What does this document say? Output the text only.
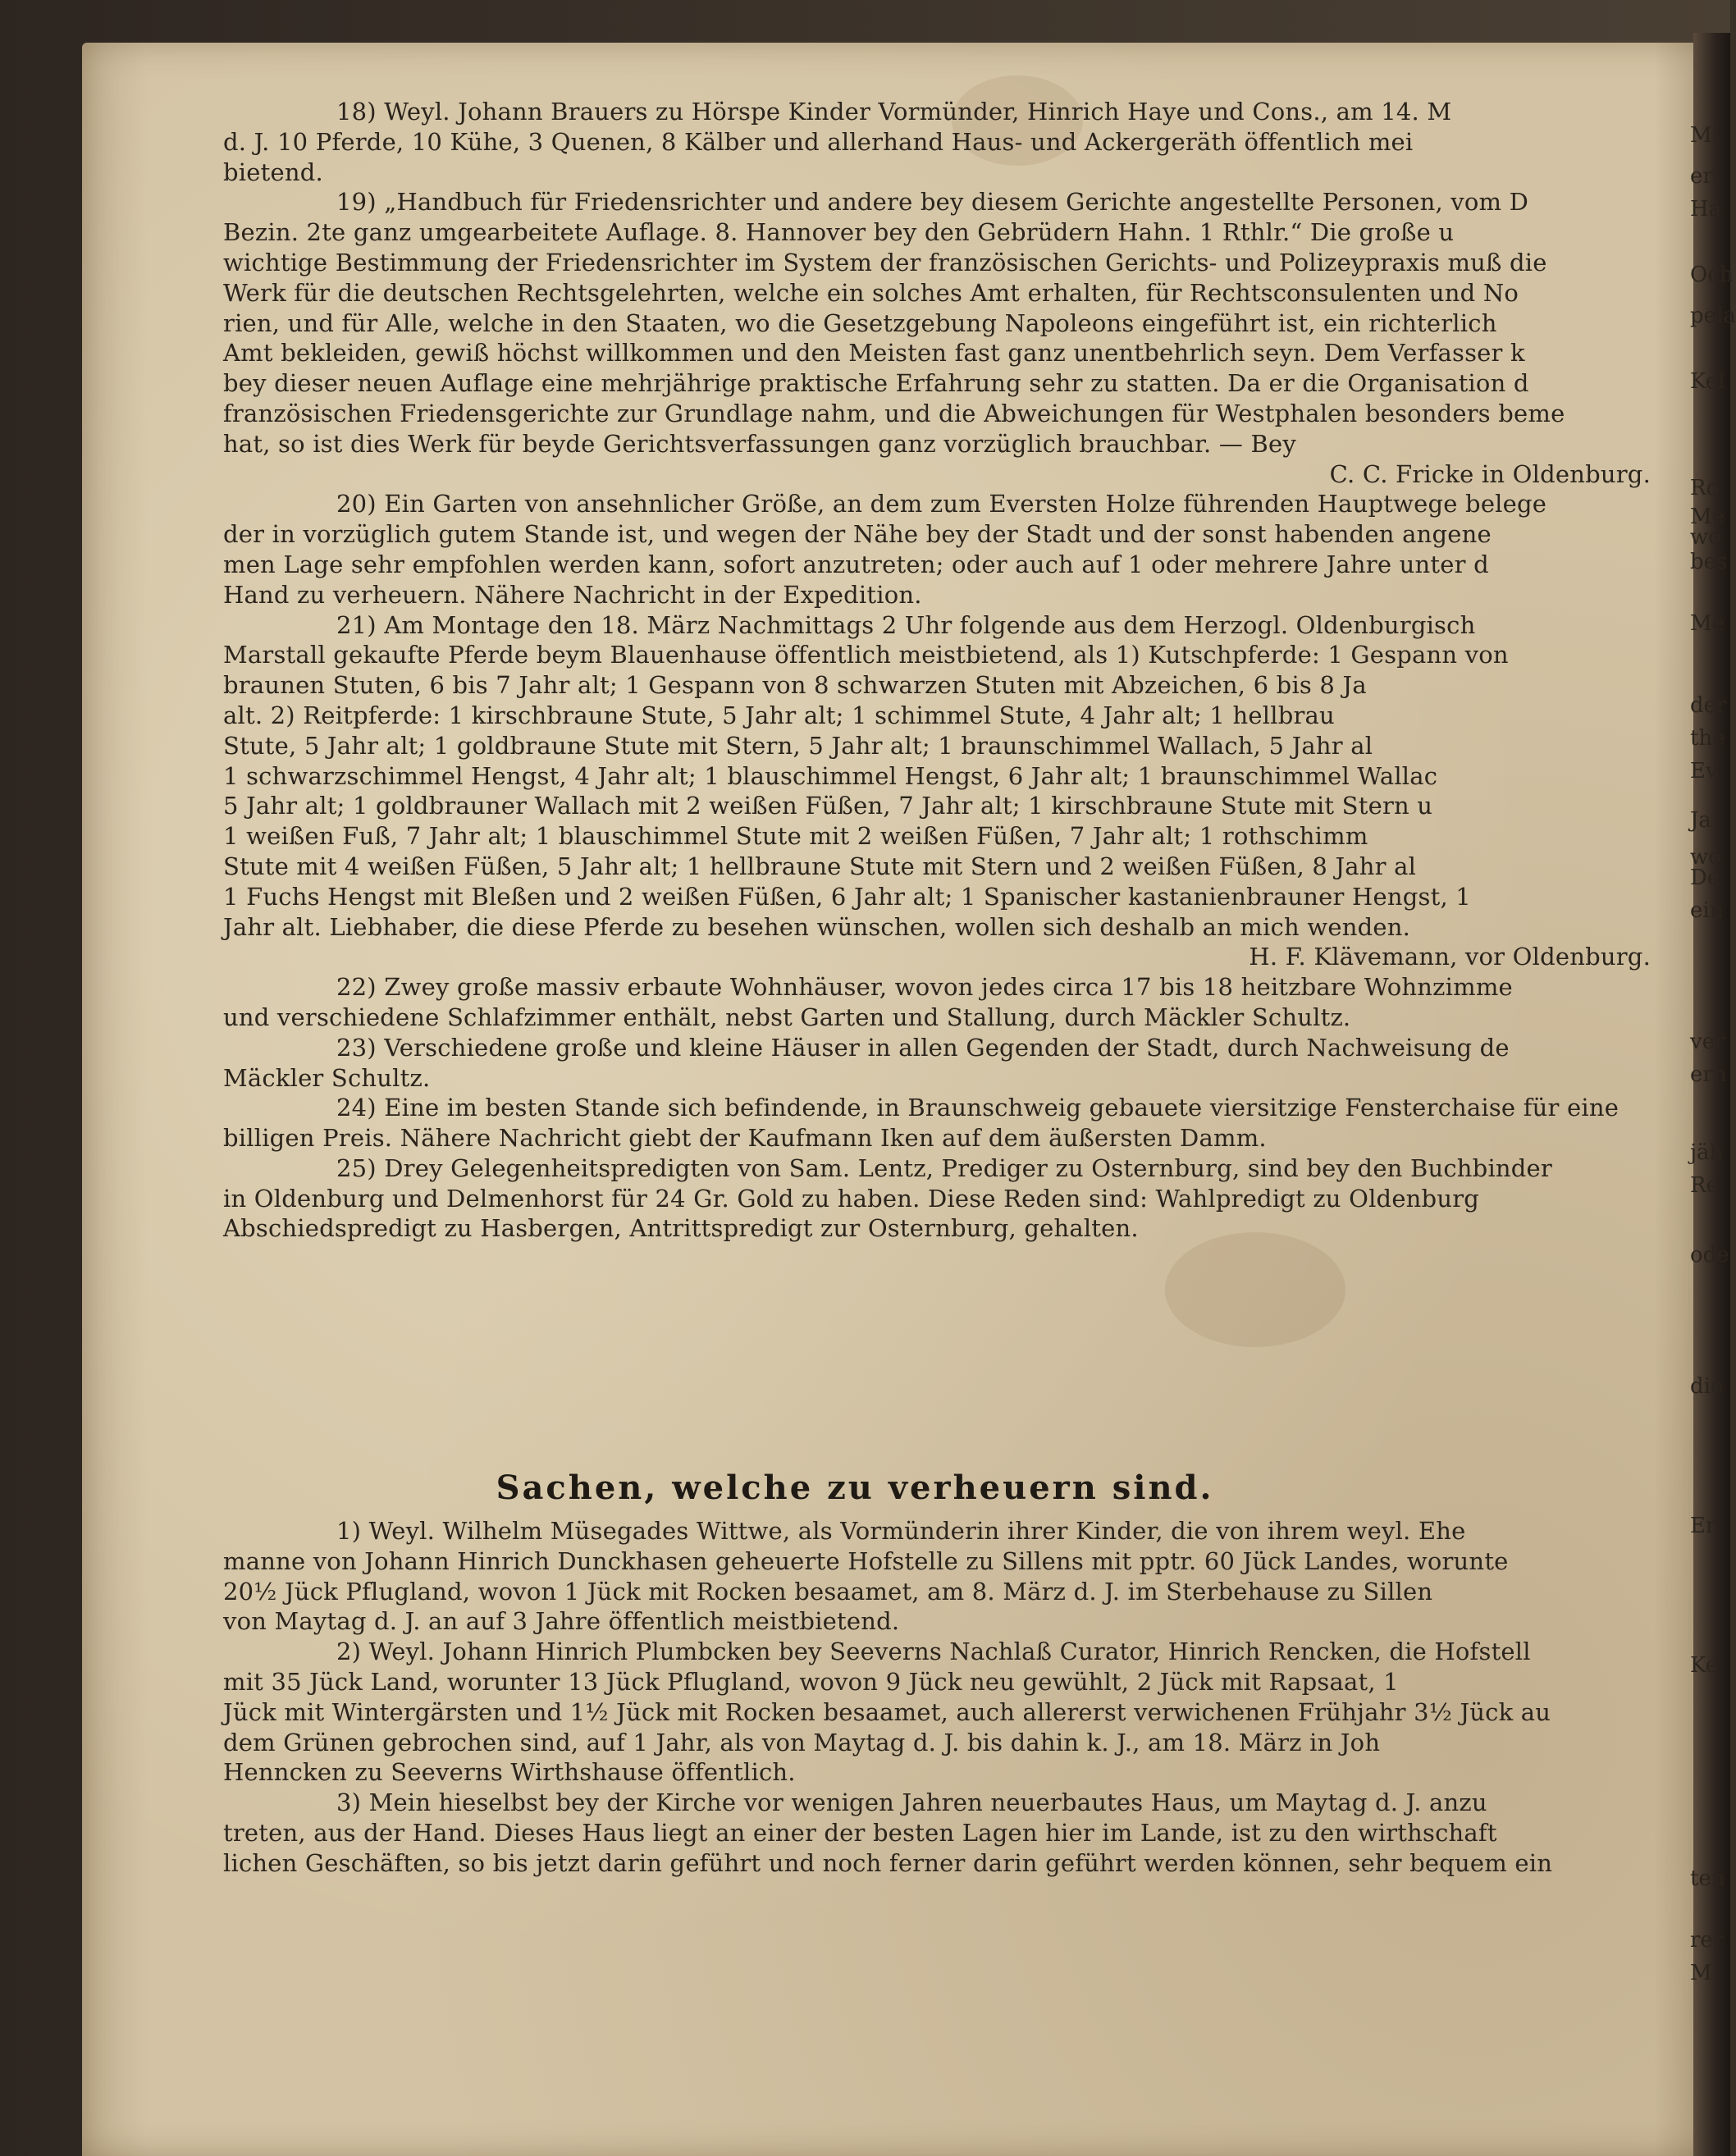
18) Weyl. Johann Brauers zu Hörspe Kinder Vormünder, Hinrich Haye und Cons., am 14. M
d. J. 10 Pferde, 10 Kühe, 3 Quenen, 8 Kälber und allerhand Haus- und Ackergeräth öffentlich mei
bietend.
19) „Handbuch für Friedensrichter und andere bey diesem Gerichte angestellte Personen, vom D
Bezin. 2te ganz umgearbeitete Auflage. 8. Hannover bey den Gebrüdern Hahn. 1 Rthlr.“ Die große u
wichtige Bestimmung der Friedensrichter im System der französischen Gerichts- und Polizeypraxis muß die
Werk für die deutschen Rechtsgelehrten, welche ein solches Amt erhalten, für Rechtsconsulenten und No
rien, und für Alle, welche in den Staaten, wo die Gesetzgebung Napoleons eingeführt ist, ein richterlich
Amt bekleiden, gewiß höchst willkommen und den Meisten fast ganz unentbehrlich seyn. Dem Verfasser k
bey dieser neuen Auflage eine mehrjährige praktische Erfahrung sehr zu statten. Da er die Organisation d
französischen Friedensgerichte zur Grundlage nahm, und die Abweichungen für Westphalen besonders beme
hat, so ist dies Werk für beyde Gerichtsverfassungen ganz vorzüglich brauchbar. — Bey
C. C. Fricke in Oldenburg.
20) Ein Garten von ansehnlicher Größe, an dem zum Eversten Holze führenden Hauptwege belege
der in vorzüglich gutem Stande ist, und wegen der Nähe bey der Stadt und der sonst habenden angene
men Lage sehr empfohlen werden kann, sofort anzutreten; oder auch auf 1 oder mehrere Jahre unter d
Hand zu verheuern. Nähere Nachricht in der Expedition.
21) Am Montage den 18. März Nachmittags 2 Uhr folgende aus dem Herzogl. Oldenburgisch
Marstall gekaufte Pferde beym Blauenhause öffentlich meistbietend, als 1) Kutschpferde: 1 Gespann von
braunen Stuten, 6 bis 7 Jahr alt; 1 Gespann von 8 schwarzen Stuten mit Abzeichen, 6 bis 8 Ja
alt. 2) Reitpferde: 1 kirschbraune Stute, 5 Jahr alt; 1 schimmel Stute, 4 Jahr alt; 1 hellbrau
Stute, 5 Jahr alt; 1 goldbraune Stute mit Stern, 5 Jahr alt; 1 braunschimmel Wallach, 5 Jahr al
1 schwarzschimmel Hengst, 4 Jahr alt; 1 blauschimmel Hengst, 6 Jahr alt; 1 braunschimmel Wallac
5 Jahr alt; 1 goldbrauner Wallach mit 2 weißen Füßen, 7 Jahr alt; 1 kirschbraune Stute mit Stern u
1 weißen Fuß, 7 Jahr alt; 1 blauschimmel Stute mit 2 weißen Füßen, 7 Jahr alt; 1 rothschimm
Stute mit 4 weißen Füßen, 5 Jahr alt; 1 hellbraune Stute mit Stern und 2 weißen Füßen, 8 Jahr al
1 Fuchs Hengst mit Bleßen und 2 weißen Füßen, 6 Jahr alt; 1 Spanischer kastanienbrauner Hengst, 1
Jahr alt. Liebhaber, die diese Pferde zu besehen wünschen, wollen sich deshalb an mich wenden.
H. F. Klävemann, vor Oldenburg.
22) Zwey große massiv erbaute Wohnhäuser, wovon jedes circa 17 bis 18 heitzbare Wohnzimme
und verschiedene Schlafzimmer enthält, nebst Garten und Stallung, durch Mäckler Schultz.
23) Verschiedene große und kleine Häuser in allen Gegenden der Stadt, durch Nachweisung de
Mäckler Schultz.
24) Eine im besten Stande sich befindende, in Braunschweig gebauete viersitzige Fensterchaise für eine
billigen Preis. Nähere Nachricht giebt der Kaufmann Iken auf dem äußersten Damm.
25) Drey Gelegenheitspredigten von Sam. Lentz, Prediger zu Osternburg, sind bey den Buchbinder
in Oldenburg und Delmenhorst für 24 Gr. Gold zu haben. Diese Reden sind: Wahlpredigt zu Oldenburg
Abschiedspredigt zu Hasbergen, Antrittspredigt zur Osternburg, gehalten.
Sachen, welche zu verheuern sind.
1) Weyl. Wilhelm Müsegades Wittwe, als Vormünderin ihrer Kinder, die von ihrem weyl. Ehe
manne von Johann Hinrich Dunckhasen geheuerte Hofstelle zu Sillens mit pptr. 60 Jück Landes, worunte
20½ Jück Pflugland, wovon 1 Jück mit Rocken besaamet, am 8. März d. J. im Sterbehause zu Sillen
von Maytag d. J. an auf 3 Jahre öffentlich meistbietend.
2) Weyl. Johann Hinrich Plumbcken bey Seeverns Nachlaß Curator, Hinrich Rencken, die Hofstell
mit 35 Jück Land, worunter 13 Jück Pflugland, wovon 9 Jück neu gewühlt, 2 Jück mit Rapsaat, 1
Jück mit Wintergärsten und 1½ Jück mit Rocken besaamet, auch allererst verwichenen Frühjahr 3½ Jück au
dem Grünen gebrochen sind, auf 1 Jahr, als von Maytag d. J. bis dahin k. J., am 18. März in Joh
Henncken zu Seeverns Wirthshause öffentlich.
3) Mein hieselbst bey der Kirche vor wenigen Jahren neuerbautes Haus, um Maytag d. J. anzu
treten, aus der Hand. Dieses Haus liegt an einer der besten Lagen hier im Lande, ist zu den wirthschaft
lichen Geschäften, so bis jetzt darin geführt und noch ferner darin geführt werden können, sehr bequem ein
Mi
eri
Ha
Och
pela
Kel
Ro
Me
wo
bes
Me
der
the
Ev
Ja
wo
De
ein
ver
erh
jäh
Re
ode
die
Er
Ke
ten
rer
M
